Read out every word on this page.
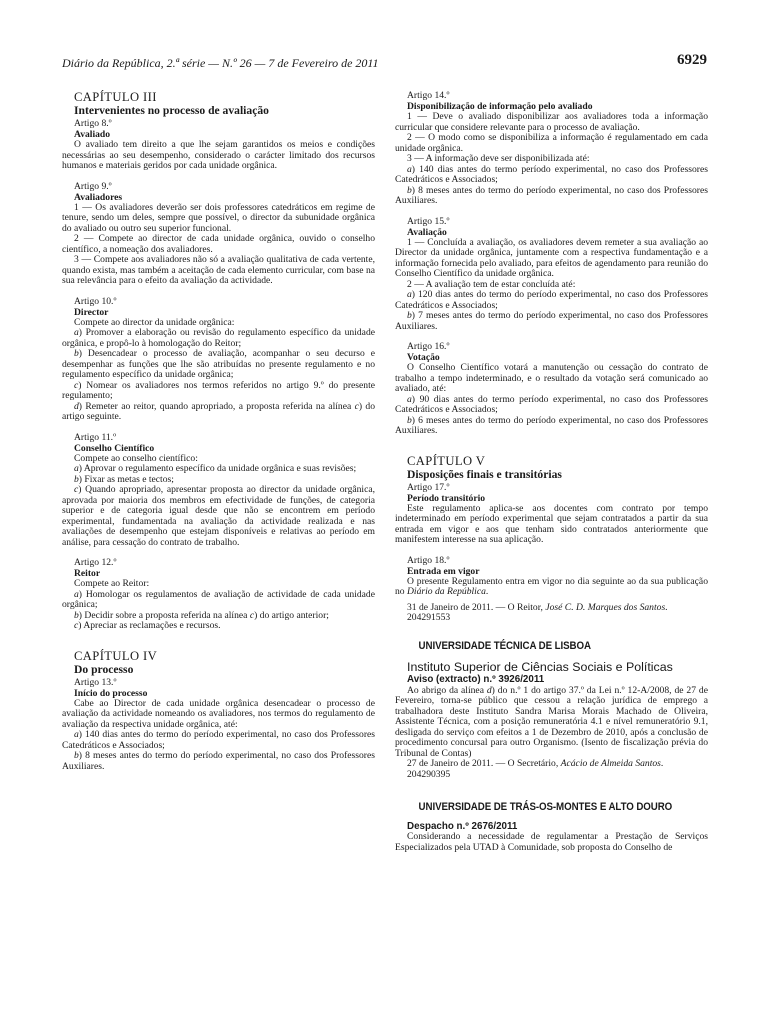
Diário da República, 2.ª série — N.º 26 — 7 de Fevereiro de 2011	6929

CAPÍTULO III

Intervenientes no processo de avaliação

Artigo 8.º

Avaliado

O avaliado tem direito a que lhe sejam garantidos os meios e condições necessárias ao seu desempenho, considerado o carácter limitado dos recursos humanos e materiais geridos por cada unidade orgânica.

Artigo 9.º

Avaliadores

1 — Os avaliadores deverão ser dois professores catedráticos em regime de tenure, sendo um deles, sempre que possível, o director da subunidade orgânica do avaliado ou outro seu superior funcional.

2 — Compete ao director de cada unidade orgânica, ouvido o conselho científico, a nomeação dos avaliadores.

3 — Compete aos avaliadores não só a avaliação qualitativa de cada vertente, quando exista, mas também a aceitação de cada elemento curricular, com base na sua relevância para o efeito da avaliação da actividade.

Artigo 10.º

Director

Compete ao director da unidade orgânica:

a) Promover a elaboração ou revisão do regulamento específico da unidade orgânica, e propô-lo à homologação do Reitor;

b) Desencadear o processo de avaliação, acompanhar o seu decurso e desempenhar as funções que lhe são atribuídas no presente regulamento e no regulamento específico da unidade orgânica;

c) Nomear os avaliadores nos termos referidos no artigo 9.º do presente regulamento;

d) Remeter ao reitor, quando apropriado, a proposta referida na alínea c) do artigo seguinte.

Artigo 11.º

Conselho Científico

Compete ao conselho científico:

a) Aprovar o regulamento específico da unidade orgânica e suas revisões;

b) Fixar as metas e tectos;

c) Quando apropriado, apresentar proposta ao director da unidade orgânica, aprovada por maioria dos membros em efectividade de funções, de categoria superior e de categoria igual desde que não se encontrem em período experimental, fundamentada na avaliação da actividade realizada e nas avaliações de desempenho que estejam disponíveis e relativas ao período em análise, para cessação do contrato de trabalho.

Artigo 12.º

Reitor

Compete ao Reitor:

a) Homologar os regulamentos de avaliação de actividade de cada unidade orgânica;

b) Decidir sobre a proposta referida na alínea c) do artigo anterior;

c) Apreciar as reclamações e recursos.

CAPÍTULO IV

Do processo

Artigo 13.º

Início do processo

Cabe ao Director de cada unidade orgânica desencadear o processo de avaliação da actividade nomeando os avaliadores, nos termos do regulamento de avaliação da respectiva unidade orgânica, até:

a) 140 dias antes do termo do período experimental, no caso dos Professores Catedráticos e Associados;

b) 8 meses antes do termo do período experimental, no caso dos Professores Auxiliares.

Artigo 14.º

Disponibilização de informação pelo avaliado

1 — Deve o avaliado disponibilizar aos avaliadores toda a informação curricular que considere relevante para o processo de avaliação.

2 — O modo como se disponibiliza a informação é regulamentado em cada unidade orgânica.

3 — A informação deve ser disponibilizada até:

a) 140 dias antes do termo período experimental, no caso dos Professores Catedráticos e Associados;

b) 8 meses antes do termo do período experimental, no caso dos Professores Auxiliares.

Artigo 15.º

Avaliação

1 — Concluída a avaliação, os avaliadores devem remeter a sua avaliação ao Director da unidade orgânica, juntamente com a respectiva fundamentação e a informação fornecida pelo avaliado, para efeitos de agendamento para reunião do Conselho Científico da unidade orgânica.

2 — A avaliação tem de estar concluída até:

a) 120 dias antes do termo do período experimental, no caso dos Professores Catedráticos e Associados;

b) 7 meses antes do termo do período experimental, no caso dos Professores Auxiliares.

Artigo 16.º

Votação

O Conselho Científico votará a manutenção ou cessação do contrato de trabalho a tempo indeterminado, e o resultado da votação será comunicado ao avaliado, até:

a) 90 dias antes do termo período experimental, no caso dos Professores Catedráticos e Associados;

b) 6 meses antes do termo do período experimental, no caso dos Professores Auxiliares.

CAPÍTULO V

Disposições finais e transitórias

Artigo 17.º

Período transitório

Este regulamento aplica-se aos docentes com contrato por tempo indeterminado em período experimental que sejam contratados a partir da sua entrada em vigor e aos que tenham sido contratados anteriormente que manifestem interesse na sua aplicação.

Artigo 18.º

Entrada em vigor

O presente Regulamento entra em vigor no dia seguinte ao da sua publicação no Diário da República.

31 de Janeiro de 2011. — O Reitor, José C. D. Marques dos Santos.

204291553

UNIVERSIDADE TÉCNICA DE LISBOA

Instituto Superior de Ciências Sociais e Políticas

Aviso (extracto) n.º 3926/2011

Ao abrigo da alínea d) do n.º 1 do artigo 37.º da Lei n.º 12-A/2008, de 27 de Fevereiro, torna-se público que cessou a relação jurídica de emprego a trabalhadora deste Instituto Sandra Marisa Morais Machado de Oliveira, Assistente Técnica, com a posição remuneratória 4.1 e nível remuneratório 9.1, desligada do serviço com efeitos a 1 de Dezembro de 2010, após a conclusão de procedimento concursal para outro Organismo. (Isento de fiscalização prévia do Tribunal de Contas)

27 de Janeiro de 2011. — O Secretário, Acácio de Almeida Santos.

204290395

UNIVERSIDADE DE TRÁS-OS-MONTES E ALTO DOURO

Despacho n.º 2676/2011

Considerando a necessidade de regulamentar a Prestação de Serviços Especializados pela UTAD à Comunidade, sob proposta do Conselho de
